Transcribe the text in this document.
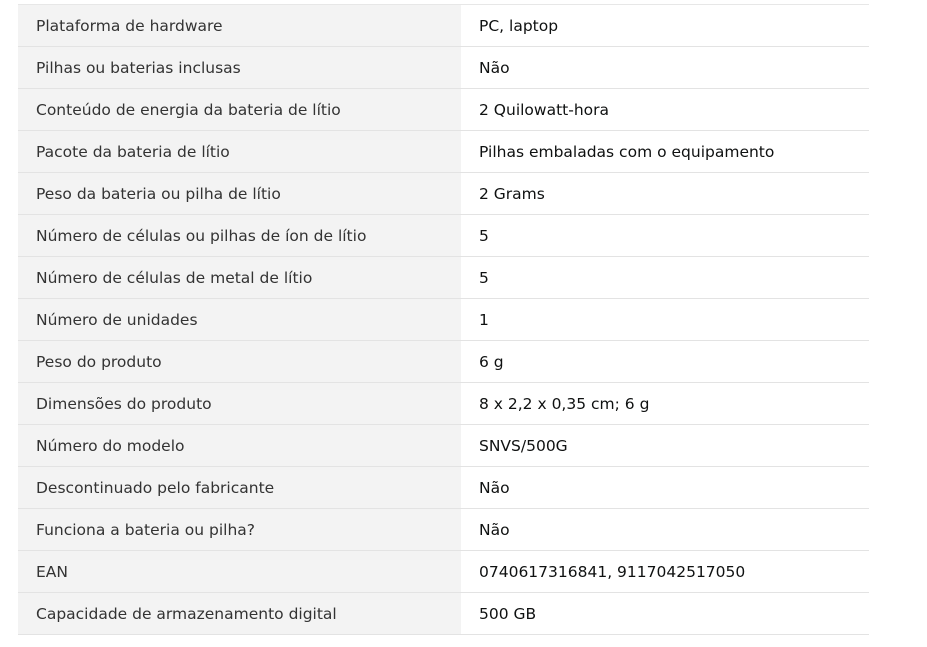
Plataforma de hardware	PC, laptop
Pilhas ou baterias inclusas	Não
Conteúdo de energia da bateria de lítio	2 Quilowatt-hora
Pacote da bateria de lítio	Pilhas embaladas com o equipamento
Peso da bateria ou pilha de lítio	2 Grams
Número de células ou pilhas de íon de lítio	5
Número de células de metal de lítio	5
Número de unidades	1
Peso do produto	6 g
Dimensões do produto	8 x 2,2 x 0,35 cm; 6 g
Número do modelo	SNVS/500G
Descontinuado pelo fabricante	Não
Funciona a bateria ou pilha?	Não
EAN	0740617316841, 9117042517050
Capacidade de armazenamento digital	500 GB
